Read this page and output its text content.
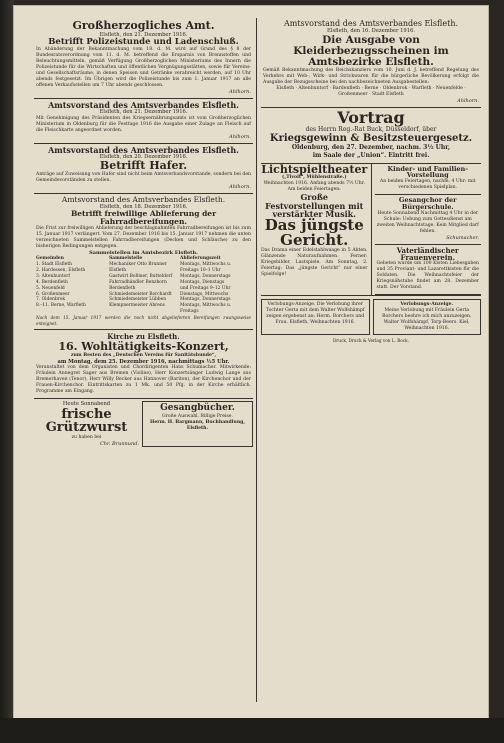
Großherzogliches Amt.
Elsfleth, den 21. Dezember 1916.
Betrifft Polizeistunde und Ladenschluß.
In Abänderung der Bekanntmachung vom 18. d. M. wird auf Grund des § 8 der Bundesratsverordnung vom 11. d. M. betreffend die Ersparnis von Brennstoffen und Beleuchtungsmitteln, gemäß Verfügung Großherzoglichen Ministeriums des Innern die Polizeistunde für die Wirtschaften und öffentlichen Vergnügungsstätten, sowie für Vereins- und Gesellschaftsräume, in denen Speisen und Getränke verabreicht werden, auf 10 Uhr abends festgesetzt. Im Übrigen wird die Polizeistunde bis zum 1. Januar 1917 an alle offenen Verkaufsstellen um 7 Uhr abends geschlossen.
Ahlhorn.
Amtsvorstand des Amtsverbandes Elsfleth.
Elsfleth, den 21. Dezember 1916.
Mit Genehmigung des Präsidenten des Kriegsernährungsamts ist vom Großherzoglichen Ministerium in Oldenburg für die Festtage 1916 die Ausgabe einer Zulage an Fleisch auf die Fleischkarte angeordnet worden.
Ahlhorn.
Amtsvorstand des Amtsverbandes Elsfleth.
Elsfleth, den 20. Dezember 1916.
Betrifft Hafer.
Anträge auf Zuweisung von Hafer sind nicht beim Amtsverbandsvorstande, sondern bei den Gemeindevorständen zu stellen.
Ahlhorn.
Amtsvorstand des Amtsverbandes Elsfleth.
Elsfleth, den 18. Dezember 1916.
Betrifft freiwillige Ablieferung der Fahrradbereifungen.
Die Frist zur freiwilligen Ablieferung der beschlagnahmten Fahrradbereifungen ist bis zum 15. Januar 1917 verlängert. Vom 27. Dezember 1916 bis 15. Januar 1917 nehmen die unten verzeichneten Sammelstellen Fahrradbereifungen (Decken und Schläuche) zu den bisherigen Bedingungen entgegen.
Sammelstellen im Amtsbezirk Elsfleth.
Gemeinden	Sammelstelle	Ablieferungszeit
1. Stadt Elsfleth	Mechaniker Otto Brunner	Montags, Mittwochs u.
2. Hardessen, Elsfleth	Elsfleth	Freitags 10–1 Uhr
3. Altenhuntorf	Gastwirt Bollmer, Butteldorf	Montags, Donnerstags
4. Berdenfleth	Fahrradhändler Benzhorn	Montags, Dienstags
5. Neuenfeld	Berdenfleth	und Freitags 9–12 Uhr
6. Großenmeer	Schmiedemeister Borchardt	Dienstags, Mittwochs
7. Oldenbrok	Schmiedemeister Lübben	Montags, Donnerstags
8.–11. Berne, Warfleth	Klempnermeister Ahrens	Montags, Mittwochs u. Freitags
Nach dem 15. Januar 1917 werden die noch nicht abgelieferten Bereifungen zwangsweise enteignet.
Kirche zu Elsfleth.
16. Wohltätigkeits-Konzert,
zum Besten des „Deutschen Vereins für Sanitätshunde“,
am Montag, dem 25. Dezember 1916, nachmittags ½5 Uhr.
Veranstaltet von dem Organisten und Chordirigenten Hans Schumacher. Mitwirkende: Fräulein Annegret Sager aus Bremen (Violine), Herr Konzertsänger Ludwig Lange aus Bremerhaven (Tenor), Herr Willy Becker aus Hannover (Bariton), der Kirchenchor und der Frauen-Kirchenchor. Eintrittskarten zu 1 Mk. und 50 Pfg. in der Kirche erhältlich. Programme am Eingang.
Heute Sonnabend
frische Grützwurst
zu haben bei
Chr. Brunnund.
Gesangbücher.
Große Auswahl. Billige Preise.
Herm. H. Bargmann, Buchhandlung, Elsfleth.
Amtsvorstand des Amtsverbandes Elsfleth.
Elsfleth, den 16. Dezember 1916.
Die Ausgabe von Kleiderbezugsscheinen im Amtsbezirke Elsfleth.
Gemäß Bekanntmachung des Reichskanzlers vom 10. Juni d. J. betreffend Regelung des Verkehrs mit Web-, Wirk- und Strickwaren für die bürgerliche Bevölkerung erfolgt die Ausgabe der Bezugsscheine bei den nachbezeichneten Ausgabestellen:
Elsfleth · Altenhuntorf · Bardenfleth · Berne · Oldenbrok · Warfleth · Neuenfelde · Großenmeer · Stadt Elsfleth
Ahlhorn.
Vortrag
des Herrn Reg.-Rat Buck, Düsseldorf, über
Kriegsgewinn & Besitzsteuergesetz.
Oldenburg, den 27. Dezember, nachm. 3½ Uhr,
im Saale der „Union“. Eintritt frei.
Lichtspieltheater
(„Tivoli“, Mühlenstraße.)
Weihnachten 1916. Anfang abends 7½ Uhr. Am beiden Feiertagen:
Große Festvorstellungen mit verstärkter Musik.
Das jüngste Gericht.
Das Drama einer Edelstahlwaage in 5 Akten. Glänzende Naturaufnahmen. Ferner: Kriegsbilder, Lustspiele. Am Sonntag, 2. Feiertag: Das „jüngste Gericht“ nur einer Spielfolge!
Kinder- und Familien-Vorstellung
An beiden Feiertagen, nachm. 4 Uhr: mit verschiedenen Spielplan.
Gesangchor der Bürgerschule.
Heute Sonnabend Nachmittag 4 Uhr in der Schule: Uebung zum Gottesdienst am zweiten Weihnachtstage. Kein Mitglied darf fehlen.
Schumacher.
Vaterländischer Frauenverein.
Gebeten wurde um 100 Kisten Liebesgaben und 35 Proviant- und Lazarettkisten für die Soldaten. Die Weihnachtsfeier der Kriegsnähstube findet am 28. Dezember statt. Der Vorstand.
Verlobungs-Anzeige. Die Verlobung ihrer Tochter Gerta mit dem Walter Wolfshämpf zeigen ergebenst an: Herm. Borchers und Frau. Elsfleth, Weihnachten 1916.
Verlobungs-Anzeige.
Meine Verlobung mit Fräulein Gerta Borchers beehre ich mich anzuzeigen. Walter Wolfshämpf, Torp-Beers. Kiel, Weihnachten 1916.
Druck, Druck & Verlag von L. Bock.
